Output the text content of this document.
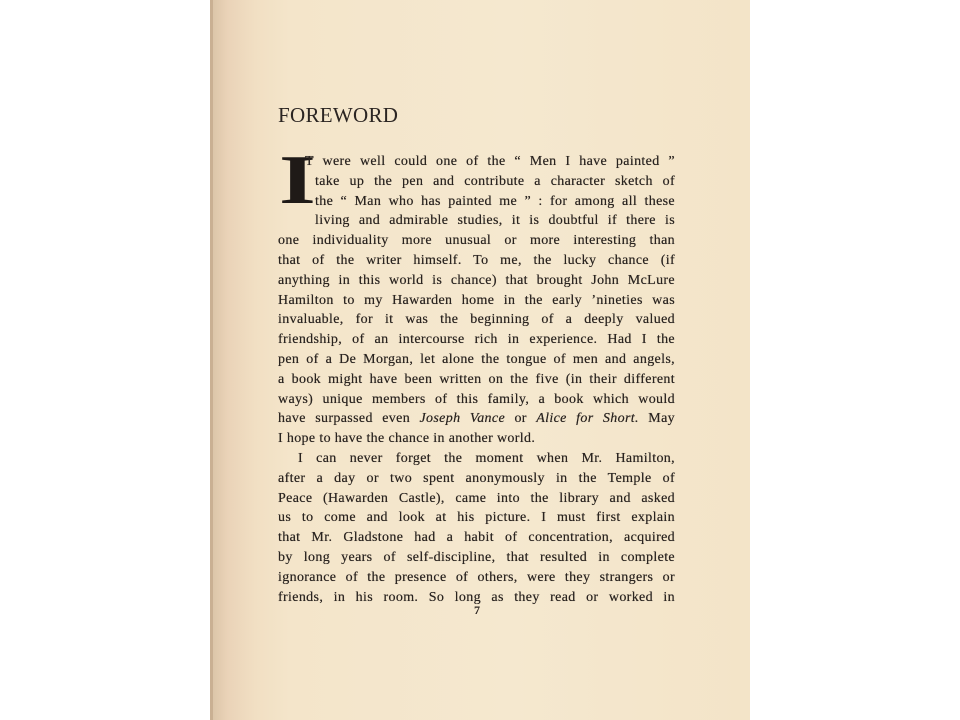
FOREWORD
I
T were well could one of the “ Men I have painted ”
take up the pen and contribute a character sketch of
the “ Man who has painted me ” : for among all these
living and admirable studies, it is doubtful if there is
one individuality more unusual or more interesting than
that of the writer himself. To me, the lucky chance (if
anything in this world is chance) that brought John McLure
Hamilton to my Hawarden home in the early ’nineties was
invaluable, for it was the beginning of a deeply valued
friendship, of an intercourse rich in experience. Had I the
pen of a De Morgan, let alone the tongue of men and angels,
a book might have been written on the five (in their different
ways) unique members of this family, a book which would
have surpassed even Joseph Vance or Alice for Short. May
I hope to have the chance in another world.
I can never forget the moment when Mr. Hamilton,
after a day or two spent anonymously in the Temple of
Peace (Hawarden Castle), came into the library and asked
us to come and look at his picture. I must first explain
that Mr. Gladstone had a habit of concentration, acquired
by long years of self-discipline, that resulted in complete
ignorance of the presence of others, were they strangers or
friends, in his room. So long as they read or worked in
7
